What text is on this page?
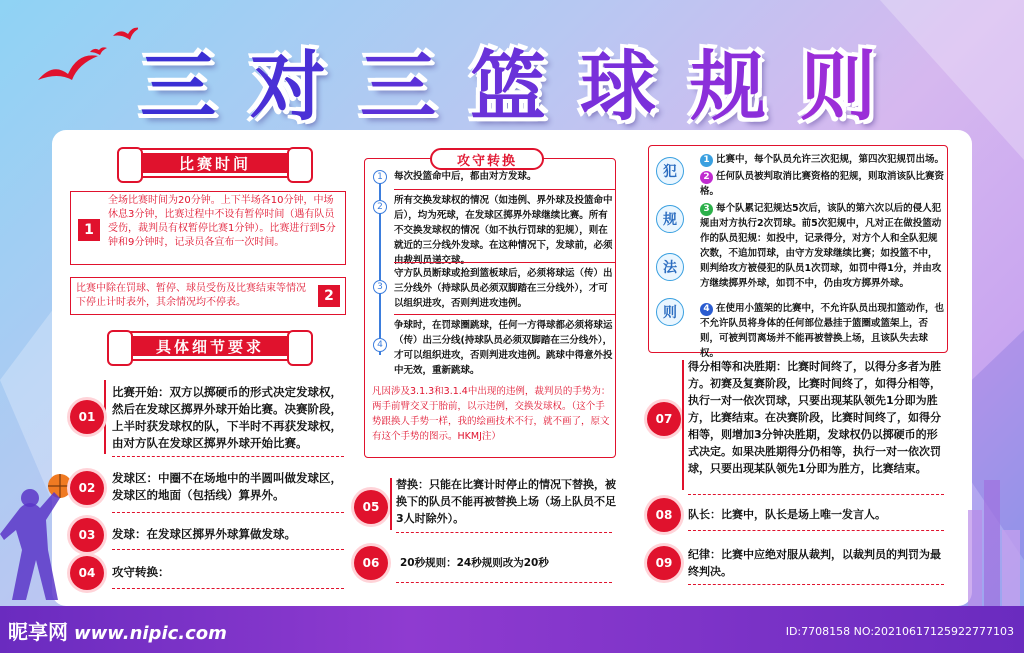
三 对 三 篮 球 规 则
比赛时间
1
全场比赛时间为20分钟。上下半场各10分钟，中场休息3分钟，比赛过程中不设有暂停时间（遇有队员受伤，裁判员有权暂停比赛1分钟）。比赛进行到5分钟和9分钟时，记录员各宣布一次时间。
比赛中除在罚球、暂停、球员受伤及比赛结束等情况下停止计时表外，其余情况均不停表。	2
具体细节要求
01
比赛开始：双方以掷硬币的形式决定发球权，然后在发球区掷界外球开始比赛。决赛阶段，上半时获发球权的队，下半时不再获发球权，由对方队在发球区掷界外球开始比赛。
02
发球区：中圈不在场地中的半圆叫做发球区，发球区的地面（包括线）算界外。
03	发球：在发球区掷界外球算做发球。
04	攻守转换：
攻守转换
1	每次投篮命中后，都由对方发球。
2
所有交换发球权的情况（如违例、界外球及投篮命中后），均为死球，在发球区掷界外球继续比赛。所有不交换发球权的情况（如不执行罚球的犯规），则在就近的三分线外发球。在这种情况下，发球前，必须由裁判员递交球。
3
守方队员断球或抢到篮板球后，必须将球运（传）出三分线外（持球队员必须双脚踏在三分线外），才可以组织进攻，否则判进攻违例。
4
争球时，在罚球圈跳球，任何一方得球都必须将球运（传）出三分线(持球队员必须双脚踏在三分线外），才可以组织进攻，否则判进攻违例。跳球中得意外投中无效，重新跳球。
凡因涉及3.1.3和3.1.4中出现的违例，裁判员的手势为：两手前臂交叉于胎前，以示违例，交换发球权。（这个手势跟换人手势一样，我的绘画技术不行，就不画了，原文有这个手势的图示。HKMJ注）
05
替换：只能在比赛计时停止的情况下替换，被换下的队员不能再被替换上场（场上队员不足3人时除外）。
06	20秒规则：24秒规则改为20秒
犯
规
法
则
1 比赛中，每个队员允许三次犯规，第四次犯规罚出场。
2 任何队员被判取消比赛资格的犯规，则取消该队比赛资格。
3 每个队累记犯规达5次后，该队的第六次以后的侵人犯规由对方执行2次罚球。前5次犯规中，凡对正在做投篮动作的队员犯规：如投中，记录得分，对方个人和全队犯规次数，不追加罚球，由守方发球继续比赛；如投篮不中，则判给攻方被侵犯的队员1次罚球，如罚中得1分，并由攻方继续掷界外球，如罚不中，仍由攻方掷界外球。
4 在使用小篮架的比赛中，不允许队员出现扣篮动作，也不允许队员将身体的任何部位悬挂于篮圈或篮架上，否则，可被判罚离场并不能再被替换上场，且该队失去球权。
07
得分相等和决胜期：比赛时间终了，以得分多者为胜方。初赛及复赛阶段，比赛时间终了，如得分相等，执行一对一依次罚球，只要出现某队领先1分即为胜方，比赛结束。在决赛阶段，比赛时间终了，如得分相等，则增加3分钟决胜期，发球权仍以掷硬币的形式决定。如果决胜期得分仍相等，执行一对一依次罚球，只要出现某队领先1分即为胜方，比赛结束。
08	队长：比赛中，队长是场上唯一发言人。
09
纪律：比赛中应绝对服从裁判，以裁判员的判罚为最终判决。
昵享网 www.nipic.com	ID:7708158 NO:20210617125922777103
